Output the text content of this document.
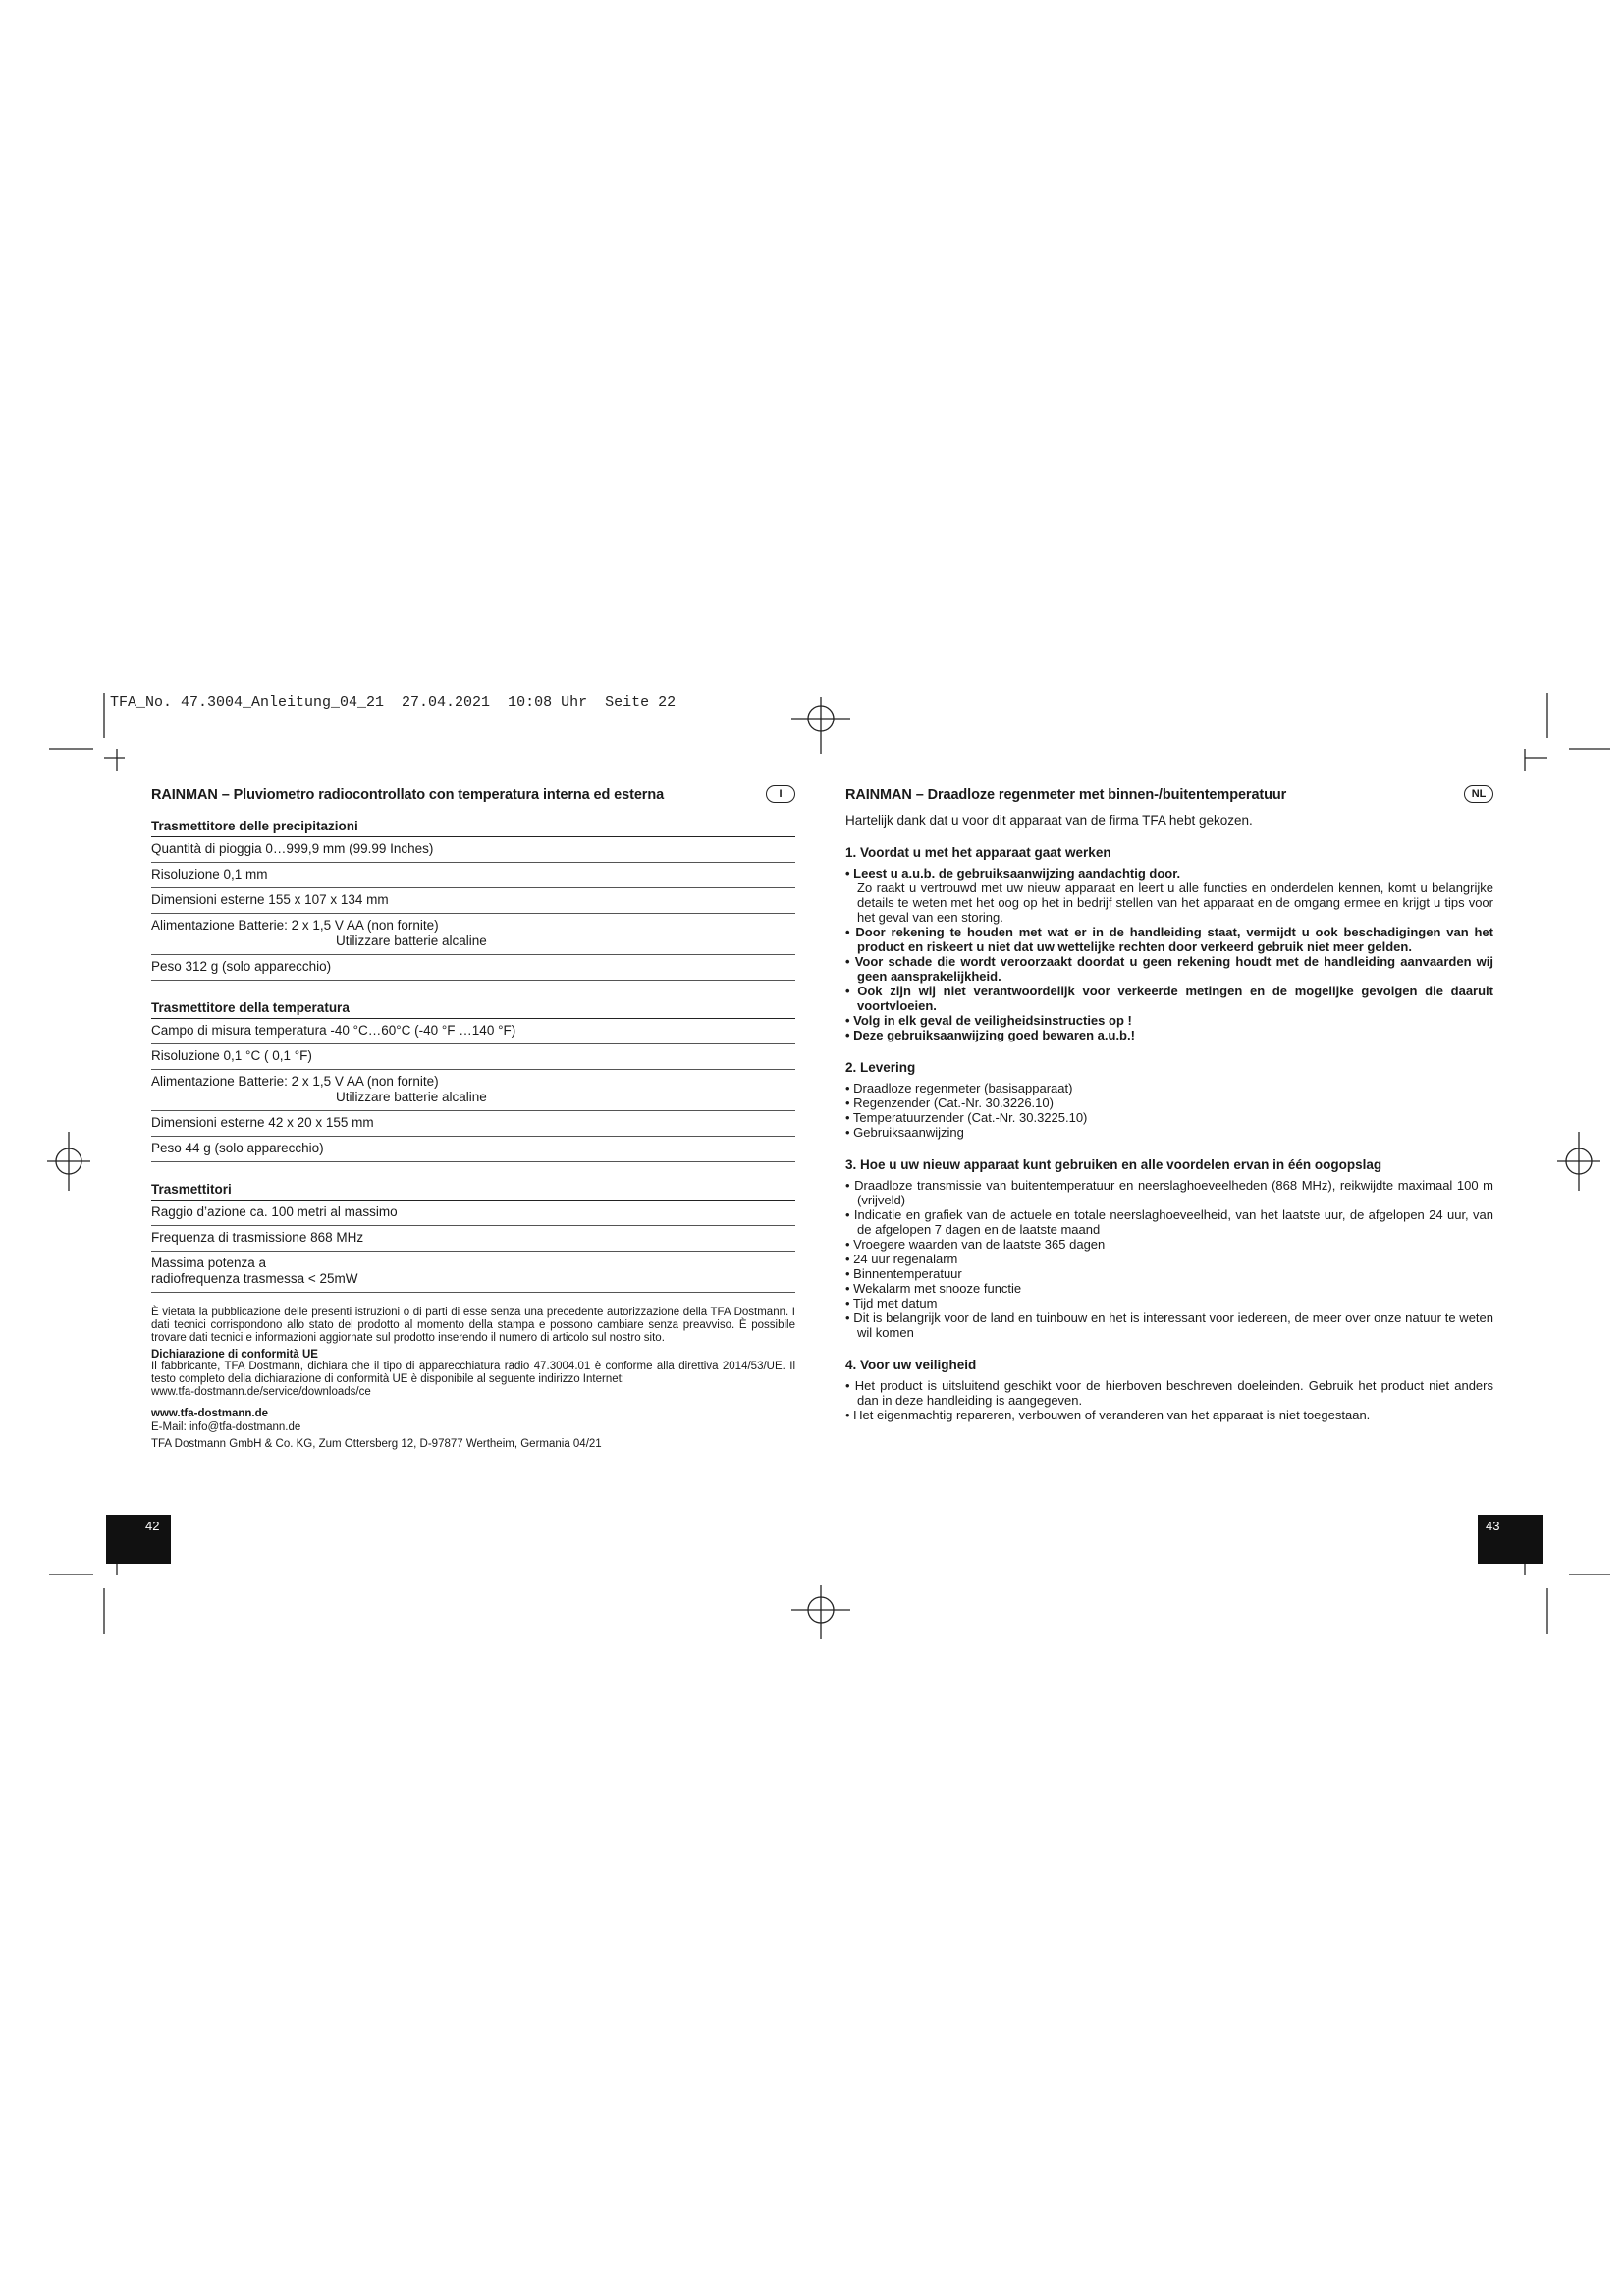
TFA_No. 47.3004_Anleitung_04_21  27.04.2021  10:08 Uhr  Seite 22
RAINMAN – Pluviometro radiocontrollato con temperatura interna ed esterna	I
Trasmettitore delle precipitazioni
Quantità di pioggia 0…999,9 mm (99.99 Inches)
Risoluzione 0,1 mm
Dimensioni esterne 155 x 107 x 134 mm
Alimentazione Batterie: 2 x 1,5 V AA (non fornite)
Utilizzare batterie alcaline
Peso 312 g (solo apparecchio)
Trasmettitore della temperatura
Campo di misura temperatura -40 °C…60°C (-40 °F …140 °F)
Risoluzione 0,1 °C ( 0,1 °F)
Alimentazione Batterie: 2 x 1,5 V AA (non fornite)
Utilizzare batterie alcaline
Dimensioni esterne 42 x 20 x 155 mm
Peso 44 g (solo apparecchio)
Trasmettitori
Raggio d’azione ca. 100 metri al massimo
Frequenza di trasmissione 868 MHz
Massima potenza a
radiofrequenza trasmessa < 25mW
È vietata la pubblicazione delle presenti istruzioni o di parti di esse senza una precedente autorizzazione della TFA Dostmann. I dati tecnici corrispondono allo stato del prodotto al momento della stampa e possono cambiare senza preavviso. È possibile trovare dati tecnici e informazioni aggiornate sul prodotto inserendo il numero di articolo sul nostro sito.
Dichiarazione di conformità UE
Il fabbricante, TFA Dostmann, dichiara che il tipo di apparecchiatura radio 47.3004.01 è conforme alla direttiva 2014/53/UE. Il testo completo della dichiarazione di conformità UE è disponibile al seguente indirizzo Internet:
www.tfa-dostmann.de/service/downloads/ce
www.tfa-dostmann.de
E-Mail: info@tfa-dostmann.de
TFA Dostmann GmbH & Co. KG, Zum Ottersberg 12, D-97877 Wertheim, Germania 04/21
42
RAINMAN – Draadloze regenmeter met binnen-/buitentemperatuur	NL
Hartelijk dank dat u voor dit apparaat van de firma TFA hebt gekozen.
1. Voordat u met het apparaat gaat werken
• Leest u a.u.b. de gebruiksaanwijzing aandachtig door.
Zo raakt u vertrouwd met uw nieuw apparaat en leert u alle functies en onderdelen kennen, komt u belangrijke details te weten met het oog op het in bedrijf stellen van het apparaat en de omgang ermee en krijgt u tips voor het geval van een storing.
• Door rekening te houden met wat er in de handleiding staat, vermijdt u ook beschadigingen van het product en riskeert u niet dat uw wettelijke rechten door verkeerd gebruik niet meer gelden.
• Voor schade die wordt veroorzaakt doordat u geen rekening houdt met de handleiding aanvaarden wij geen aansprakelijkheid.
• Ook zijn wij niet verantwoordelijk voor verkeerde metingen en de mogelijke gevolgen die daaruit voortvloeien.
• Volg in elk geval de veiligheidsinstructies op !
• Deze gebruiksaanwijzing goed bewaren a.u.b.!
2. Levering
• Draadloze regenmeter (basisapparaat)
• Regenzender (Cat.-Nr. 30.3226.10)
• Temperatuurzender (Cat.-Nr. 30.3225.10)
• Gebruiksaanwijzing
3. Hoe u uw nieuw apparaat kunt gebruiken en alle voordelen ervan in één oogopslag
• Draadloze transmissie van buitentemperatuur en neerslaghoeveelheden (868 MHz), reikwijdte maximaal 100 m (vrijveld)
• Indicatie en grafiek van de actuele en totale neerslaghoeveelheid, van het laatste uur, de afgelopen 24 uur, van de afgelopen 7 dagen en de laatste maand
• Vroegere waarden van de laatste 365 dagen
• 24 uur regenalarm
• Binnentemperatuur
• Wekalarm met snooze functie
• Tijd met datum
• Dit is belangrijk voor de land en tuinbouw en het is interessant voor iedereen, de meer over onze natuur te weten wil komen
4. Voor uw veiligheid
• Het product is uitsluitend geschikt voor de hierboven beschreven doeleinden. Gebruik het product niet anders dan in deze handleiding is aangegeven.
• Het eigenmachtig repareren, verbouwen of veranderen van het apparaat is niet toegestaan.
43
